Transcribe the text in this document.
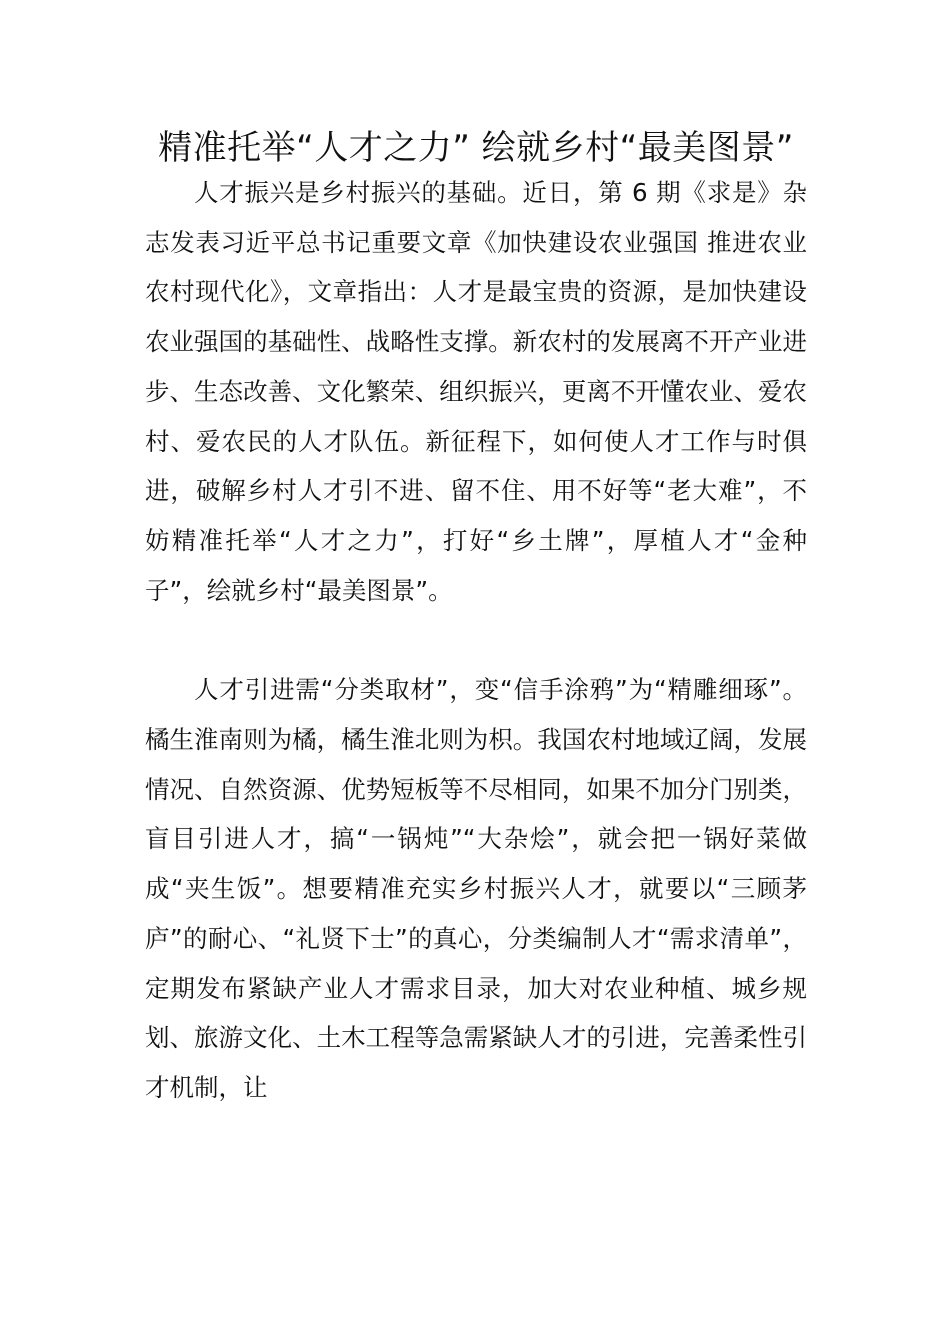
精准托举“人才之力” 绘就乡村“最美图景”

人才振兴是乡村振兴的基础。近日，第 6 期《求是》杂志发表习近平总书记重要文章《加快建设农业强国 推进农业农村现代化》，文章指出：人才是最宝贵的资源，是加快建设农业强国的基础性、战略性支撑。新农村的发展离不开产业进步、生态改善、文化繁荣、组织振兴，更离不开懂农业、爱农村、爱农民的人才队伍。新征程下，如何使人才工作与时俱进，破解乡村人才引不进、留不住、用不好等“老大难”，不妨精准托举“人才之力”，打好“乡土牌”，厚植人才“金种子”，绘就乡村“最美图景”。

人才引进需“分类取材”，变“信手涂鸦”为“精雕细琢”。橘生淮南则为橘，橘生淮北则为枳。我国农村地域辽阔，发展情况、自然资源、优势短板等不尽相同，如果不加分门别类，盲目引进人才，搞“一锅炖”“大杂烩”，就会把一锅好菜做成“夹生饭”。想要精准充实乡村振兴人才，就要以“三顾茅庐”的耐心、“礼贤下士”的真心，分类编制人才“需求清单”，定期发布紧缺产业人才需求目录，加大对农业种植、城乡规划、旅游文化、土木工程等急需紧缺人才的引进，完善柔性引才机制，让
